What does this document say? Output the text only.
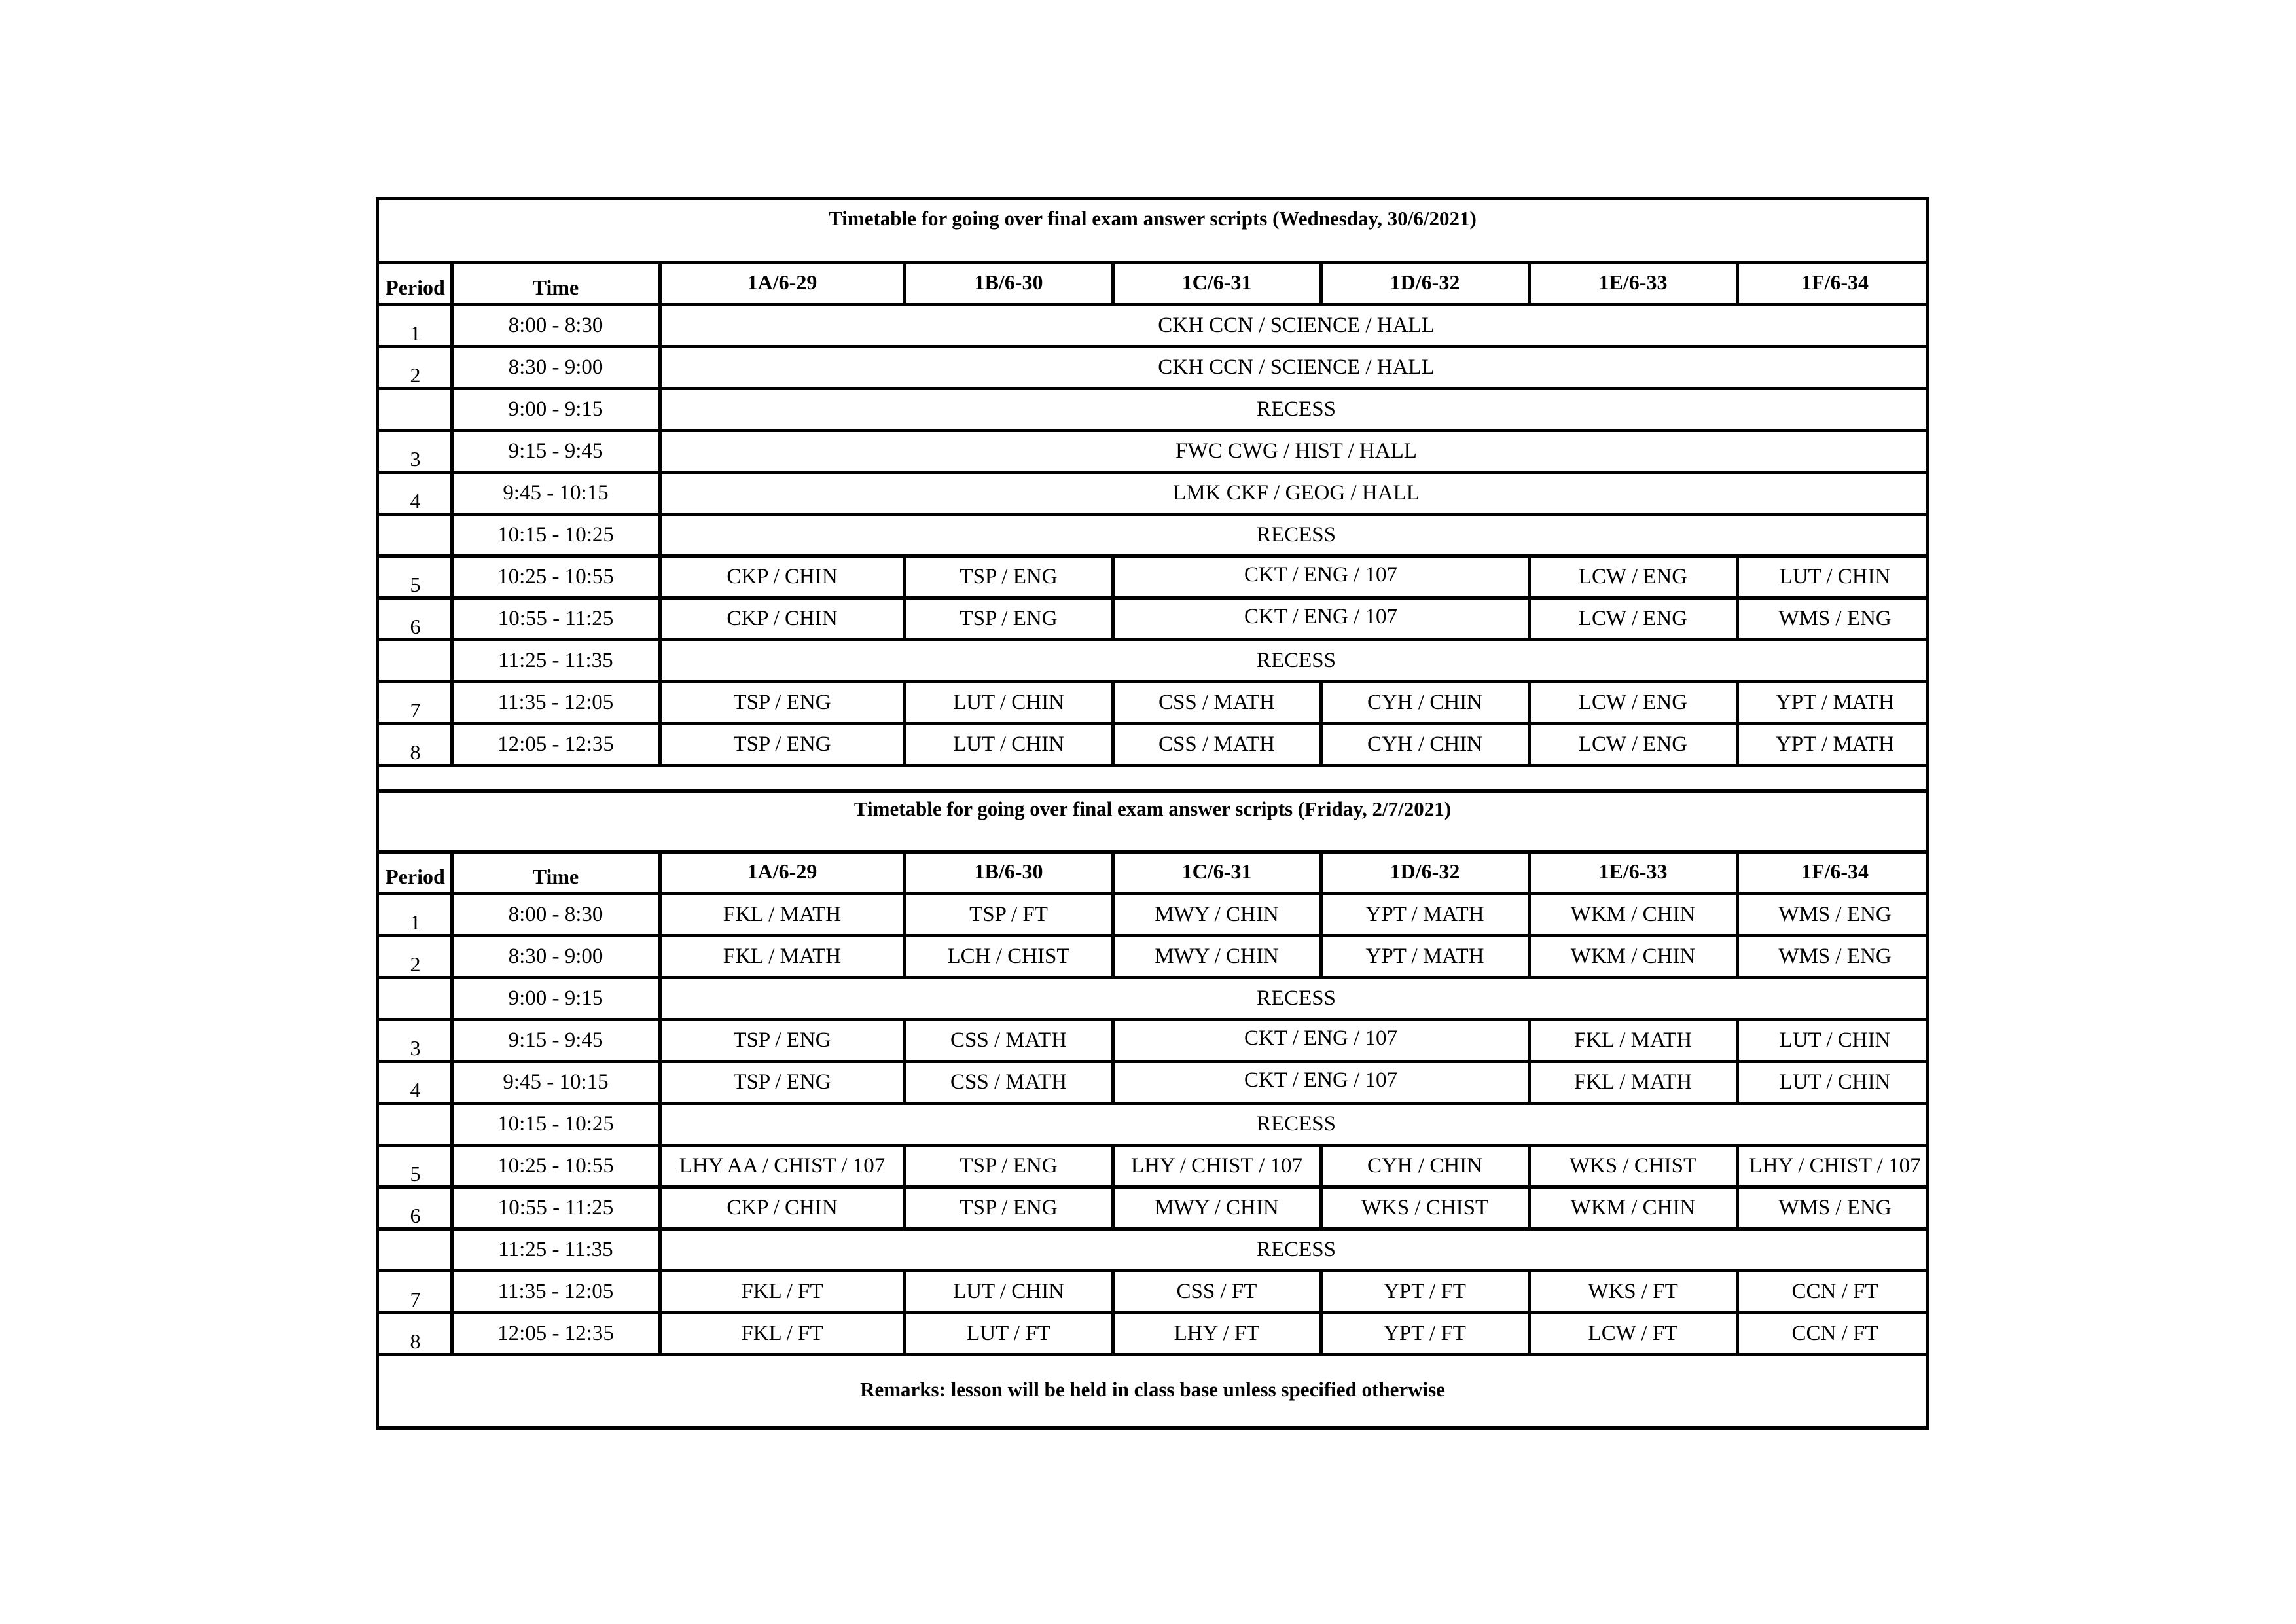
Timetable for going over final exam answer scripts (Wednesday, 30/6/2021)
Period	Time	1A/6-29	1B/6-30	1C/6-31	1D/6-32	1E/6-33	1F/6-34
1	8:00 - 8:30	CKH CCN / SCIENCE / HALL
2	8:30 - 9:00	CKH CCN / SCIENCE / HALL
9:00 - 9:15	RECESS
3	9:15 - 9:45	FWC CWG / HIST / HALL
4	9:45 - 10:15	LMK CKF / GEOG / HALL
10:15 - 10:25	RECESS
5	10:25 - 10:55	CKP / CHIN	TSP / ENG	CKT / ENG / 107	LCW / ENG	LUT / CHIN
6	10:55 - 11:25	CKP / CHIN	TSP / ENG	CKT / ENG / 107	LCW / ENG	WMS / ENG
11:25 - 11:35	RECESS
7	11:35 - 12:05	TSP / ENG	LUT / CHIN	CSS / MATH	CYH / CHIN	LCW / ENG	YPT / MATH
8	12:05 - 12:35	TSP / ENG	LUT / CHIN	CSS / MATH	CYH / CHIN	LCW / ENG	YPT / MATH
Timetable for going over final exam answer scripts (Friday, 2/7/2021)
Period	Time	1A/6-29	1B/6-30	1C/6-31	1D/6-32	1E/6-33	1F/6-34
1	8:00 - 8:30	FKL / MATH	TSP / FT	MWY / CHIN	YPT / MATH	WKM / CHIN	WMS / ENG
2	8:30 - 9:00	FKL / MATH	LCH / CHIST	MWY / CHIN	YPT / MATH	WKM / CHIN	WMS / ENG
9:00 - 9:15	RECESS
3	9:15 - 9:45	TSP / ENG	CSS / MATH	CKT / ENG / 107	FKL / MATH	LUT / CHIN
4	9:45 - 10:15	TSP / ENG	CSS / MATH	CKT / ENG / 107	FKL / MATH	LUT / CHIN
10:15 - 10:25	RECESS
5	10:25 - 10:55	LHY AA / CHIST / 107	TSP / ENG	LHY / CHIST / 107	CYH / CHIN	WKS / CHIST	LHY / CHIST / 107
6	10:55 - 11:25	CKP / CHIN	TSP / ENG	MWY / CHIN	WKS / CHIST	WKM / CHIN	WMS / ENG
11:25 - 11:35	RECESS
7	11:35 - 12:05	FKL / FT	LUT / CHIN	CSS / FT	YPT / FT	WKS / FT	CCN / FT
8	12:05 - 12:35	FKL / FT	LUT / FT	LHY / FT	YPT / FT	LCW / FT	CCN / FT
Remarks: lesson will be held in class base unless specified otherwise
